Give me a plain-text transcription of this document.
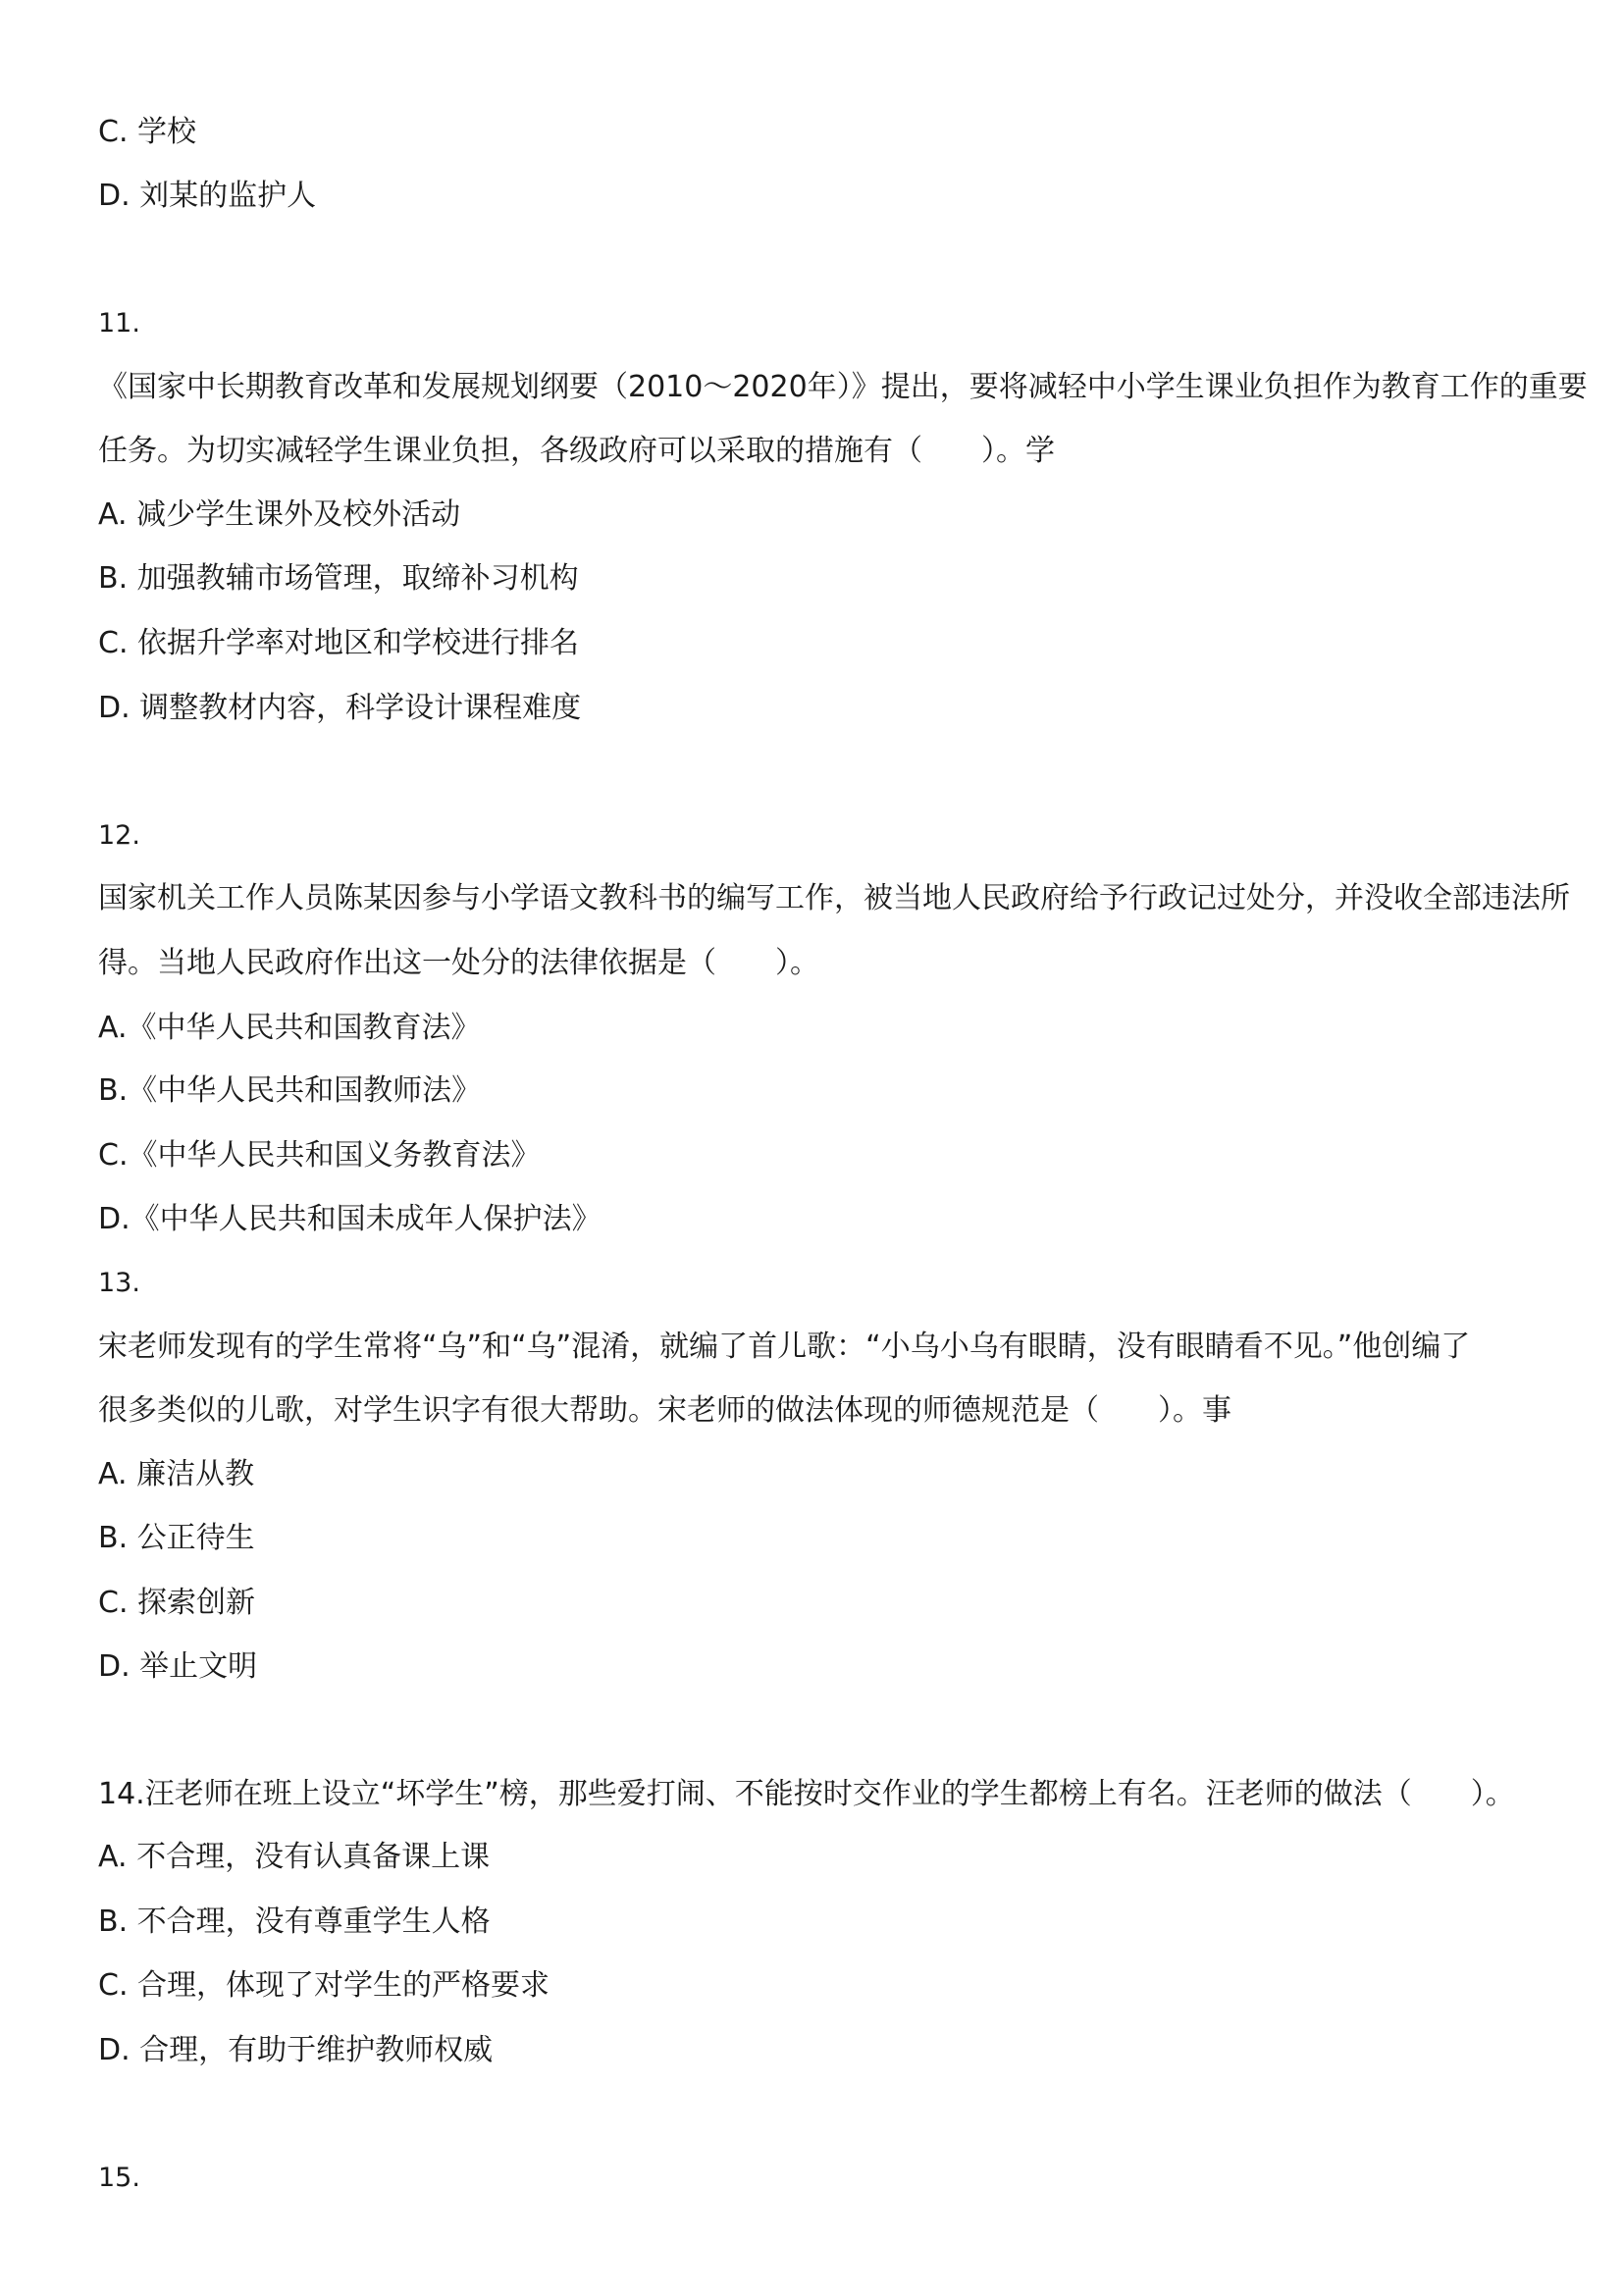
C. 学校
D. 刘某的监护人
11.
《国家中长期教育改革和发展规划纲要（2010～2020年）》提出，要将减轻中小学生课业负担作为教育工作的重要
任务。为切实减轻学生课业负担，各级政府可以采取的措施有（　　）。学
A. 减少学生课外及校外活动
B. 加强教辅市场管理，取缔补习机构
C. 依据升学率对地区和学校进行排名
D. 调整教材内容，科学设计课程难度
12.
国家机关工作人员陈某因参与小学语文教科书的编写工作，被当地人民政府给予行政记过处分，并没收全部违法所
得。当地人民政府作出这一处分的法律依据是（　　）。
A.《中华人民共和国教育法》
B.《中华人民共和国教师法》
C.《中华人民共和国义务教育法》
D.《中华人民共和国未成年人保护法》
13.
宋老师发现有的学生常将“乌”和“乌”混淆，就编了首儿歌：“小乌小乌有眼睛，没有眼睛看不见。”他创编了
很多类似的儿歌，对学生识字有很大帮助。宋老师的做法体现的师德规范是（　　）。事
A. 廉洁从教
B. 公正待生
C. 探索创新
D. 举止文明
14.汪老师在班上设立“坏学生”榜，那些爱打闹、不能按时交作业的学生都榜上有名。汪老师的做法（　　）。
A. 不合理，没有认真备课上课
B. 不合理，没有尊重学生人格
C. 合理，体现了对学生的严格要求
D. 合理，有助于维护教师权威
15.
